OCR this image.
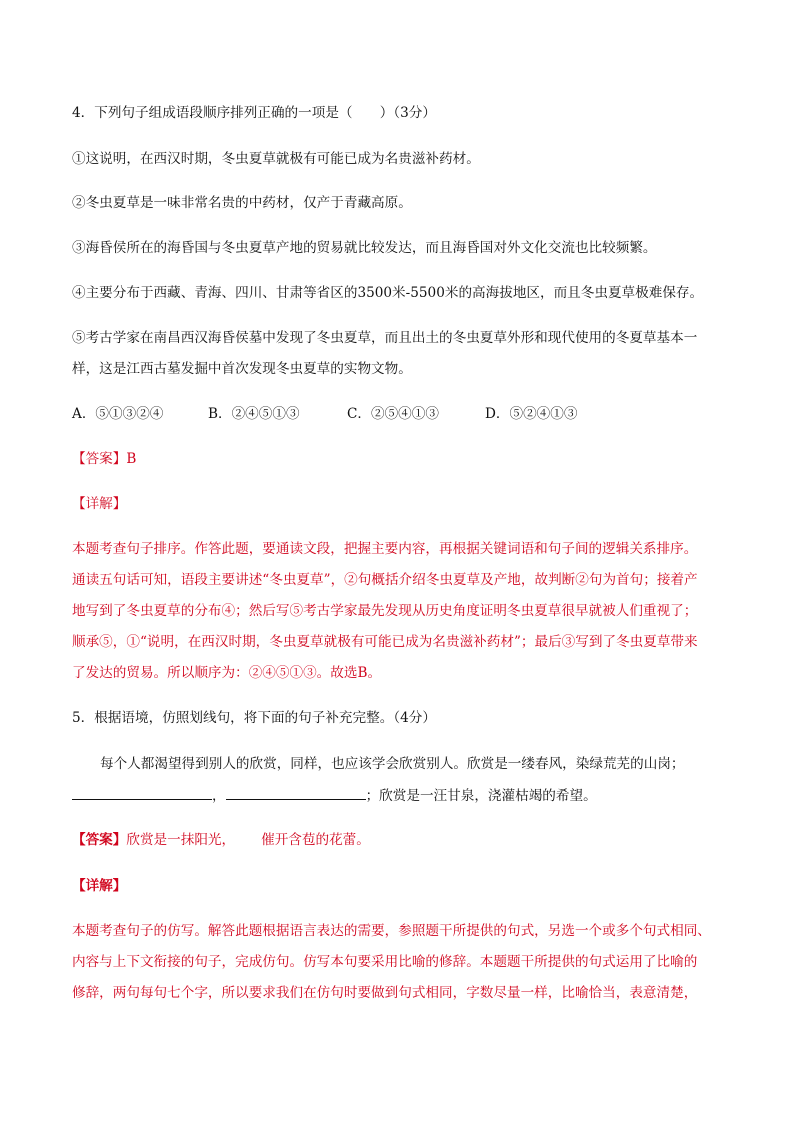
4．下列句子组成语段顺序排列正确的一项是（　　）（3分）
①这说明，在西汉时期，冬虫夏草就极有可能已成为名贵滋补药材。
②冬虫夏草是一味非常名贵的中药材，仅产于青藏高原。
③海昏侯所在的海昏国与冬虫夏草产地的贸易就比较发达，而且海昏国对外文化交流也比较频繁。
④主要分布于西藏、青海、四川、甘肃等省区的3500米-5500米的高海拔地区，而且冬虫夏草极难保存。
⑤考古学家在南昌西汉海昏侯墓中发现了冬虫夏草，而且出土的冬虫夏草外形和现代使用的冬夏草基本一
样，这是江西古墓发掘中首次发现冬虫夏草的实物文物。
A．⑤①③②④	B．②④⑤①③	C．②⑤④①③	D．⑤②④①③
【答案】B
【详解】
本题考查句子排序。作答此题，要通读文段，把握主要内容，再根据关键词语和句子间的逻辑关系排序。
通读五句话可知，语段主要讲述“冬虫夏草”，②句概括介绍冬虫夏草及产地，故判断②句为首句；接着产
地写到了冬虫夏草的分布④；然后写⑤考古学家最先发现从历史角度证明冬虫夏草很早就被人们重视了；
顺承⑤，①“说明，在西汉时期，冬虫夏草就极有可能已成为名贵滋补药材”；最后③写到了冬虫夏草带来
了发达的贸易。所以顺序为：②④⑤①③。故选B。
5．根据语境，仿照划线句，将下面的句子补充完整。（4分）
每个人都渴望得到别人的欣赏，同样，也应该学会欣赏别人。欣赏是一缕春风，染绿荒芜的山岗；
，	；欣赏是一汪甘泉，浇灌枯竭的希望。
【答案】欣赏是一抹阳光， 催开含苞的花蕾。
【详解】
本题考查句子的仿写。解答此题根据语言表达的需要，参照题干所提供的句式，另选一个或多个句式相同、
内容与上下文衔接的句子，完成仿句。仿写本句要采用比喻的修辞。本题题干所提供的句式运用了比喻的
修辞，两句每句七个字，所以要求我们在仿句时要做到句式相同，字数尽量一样，比喻恰当，表意清楚，
